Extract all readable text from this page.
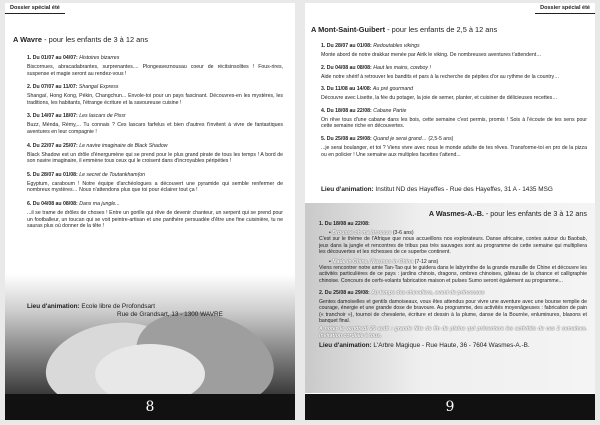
Dossier spécial été
A Wavre - pour les enfants de 3 à 12 ans
1. Du 01/07 au 04/07: Histoires bizarres
Biscornues, abracadabrantes, surprenantes.... Plongeaveznousau coeur de récitsinsolites ! Fous-rires, suspense et magie seront au rendez-vous !
2. Du 07/07 au 11/07: Shangaï Express
Shangaï, Hong Kong, Pékin, Changchun... Envole-toi pour un pays fascinant. Découvres-en les mystères, les traditions, les habitants, l'étrange écriture et la savoureuse cuisine !
3. Du 14/07 au 18/07: Les lascars de Pissr
Buzz, Ménda, Rémy,... Tu connais ? Ces lascars farfelus et bien d'autres t'invitent à vivre de fantastiques aventures en leur compagnie !
4. Du 22/07 au 25/07: Le navire imaginaire de Black Shadow
Black Shadow est un drôle d'énergumène qui se prend pour le plus grand pirate de tous les temps ! A bord de son navire imaginaire, il emmène tous ceux qui le croisent dans d'incroyables péripéties !
5. Du 28/07 au 01/08: Le secret de Toutankham(on
Egyptum, caraboum ! Notre équipe d'archéologues a découvert une pyramide qui semble renfermer de nombreux mystères… Nous n'attendons plus que toi pour éclairer tout ça !
6. Du 04/08 au 08/08: Dans ma jungle...
...il se trame de drôles de choses ! Entre un gorille qui rêve de devenir chanteur, un serpent qui se prend pour un footballeur, un toucan qui se voit peintre-artisan et une panthère persuadée d'être une fine cuisinière, tu ne sauras plus où donner de la tête !
Lieu d'animation: Ecole libre de Profondsart
Rue de Grandsart, 13 - 1300 WAVRE
8
Dossier spécial été
A Mont-Saint-Guibert - pour les enfants de 2,5 à 12 ans
1. Du 28/07 au 01/08: Redoutables vikings
Monte abord de notre drakkar menée par Airik le viking. De nombreuses aventures t'attendent…
2. Du 04/08 au 08/08: Haut les mains, cowboy !
Aide notre shérif à retrouver les bandits et pars à la recherche de pépites d'or au rythme de la country…
3. Du 11/08 au 14/08: Au pré gourmand
Découvre avec Lisette, la fée du potager, la joie de semer, planter, et cuisiner de délicieuses recettes…
4. Du 18/08 au 22/08: Cabane Partie
On rêve tous d'une cabane dans les bois, cette semaine c'est permis, promis ! Sois à l'écoute de tes sens pour cette semaine riche en découvertes.
5. Du 25/08 au 29/08: Quand je serai grand… (2,5-5 ans)
...je serai boulanger, et toi ? Viens vivre avec nous le monde adulte de tes rêves. Transforme-toi en pro de la pizza ou en policier ! Une semaine aux multiples facettes t'attend...
Lieu d'animation: Institut ND des Hayeffes - Rue des Hayeffes, 31 A - 1435 MSG
A Wasmes-A.-B. - pour les enfants de 3 à 12 ans
1. Du 18/08 au 22/08:
• Brousse oh ma brousse (3-6 ans)
C'est sur le thème de l'Afrique que nous accueillons nos explorateurs. Danse africaine, contes autour du Baobab, jeux dans la jungle et rencontres de tribus pas très sauvages sont au programme de cette semaine qui multipliera les découvertes et les richesses de ce superbe continent.
• Made in Chine, Wasmes in China (7-12 ans)
Viens rencontrer notre amie Tan-Tao qui te guidera dans le labyrinthe de la grande muraille de Chine et découvre les activités particulières de ce pays : jardins chinois, dragons, ombres chinoises, gâteau de la chance et calligraphie chinoise. Concours de cerfs-volants fabrication maison et pulses Sumo seront également au programme...
2. Du 25/08 au 29/08: Au temps des chevaliers, avant de princesses
Gentes damoiselles et gentils damoiseaux, vous êtes attendus pour vivre une aventure avec une bourse remplie de courage, énergie et une grande dose de bravoure. Au programme, des activités moyenâgeuses : fabrication de pain (« tranchoir »), tournoi de chevalerie, écriture et dessin à la plume, danse de la Bourrée, enluminures, blasons et banquet final.
A noter le vendredi 29 août : grande fête de fin de plaine qui présentera les activités de ces 2 semaines. Invitation cordiale à tous.
Lieu d'animation: L'Arbre Magique - Rue Haute, 36 - 7604 Wasmes-A.-B.
9
